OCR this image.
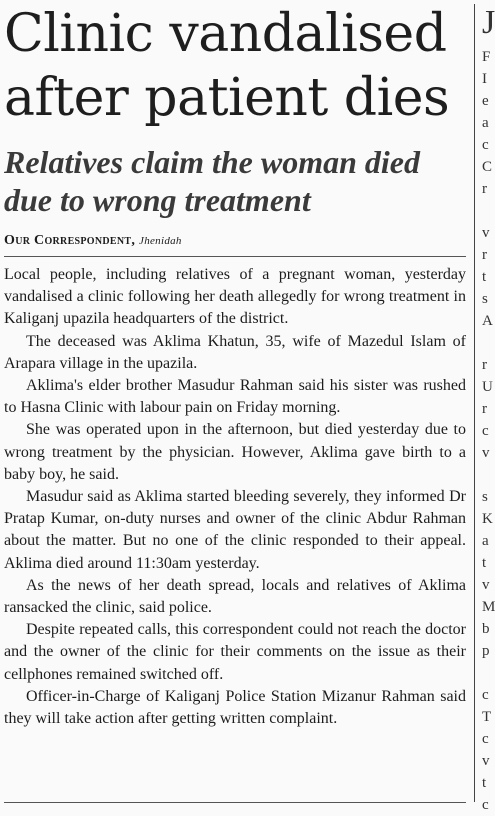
Clinic vandalised after patient dies
Relatives claim the woman died due to wrong treatment

Our Correspondent, Jhenidah

Local people, including relatives of a pregnant woman, yesterday vandalised a clinic following her death allegedly for wrong treatment in Kaliganj upazila headquarters of the district.

The deceased was Aklima Khatun, 35, wife of Mazedul Islam of Arapara village in the upazila.

Aklima's elder brother Masudur Rahman said his sister was rushed to Hasna Clinic with labour pain on Friday morning.

She was operated upon in the afternoon, but died yesterday due to wrong treatment by the physician. However, Aklima gave birth to a baby boy, he said.

Masudur said as Aklima started bleeding severely, they informed Dr Pratap Kumar, on-duty nurses and owner of the clinic Abdur Rahman about the matter. But no one of the clinic responded to their appeal. Aklima died around 11:30am yesterday.

As the news of her death spread, locals and relatives of Aklima ransacked the clinic, said police.

Despite repeated calls, this correspondent could not reach the doctor and the owner of the clinic for their comments on the issue as their cellphones remained switched off.

Officer-in-Charge of Kaliganj Police Station Mizanur Rahman said they will take action after getting written complaint.

J
F
I
e
a
c
C
r
v
r
t
s
A
r
U
r
c
v
s
K
a
t
v
M
b
p
c
T
c
v
t
c
